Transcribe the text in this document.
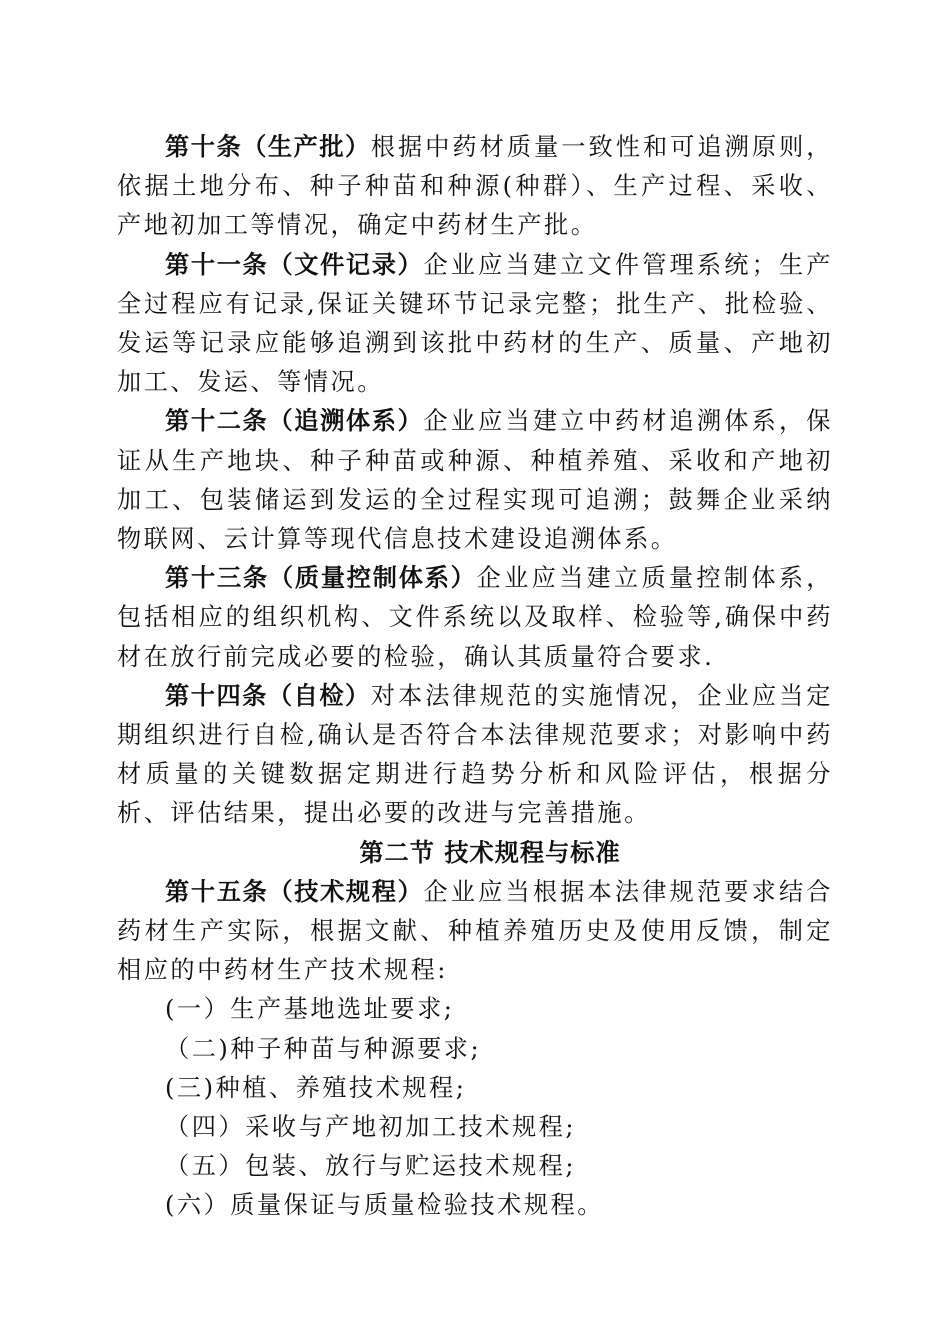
第十条（生产批）根据中药材质量一致性和可追溯原则，依据土地分布、种子种苗和种源(种群）、生产过程、采收、产地初加工等情况，确定中药材生产批。

第十一条（文件记录）企业应当建立文件管理系统；生产全过程应有记录,保证关键环节记录完整；批生产、批检验、发运等记录应能够追溯到该批中药材的生产、质量、产地初加工、发运、等情况。

第十二条（追溯体系）企业应当建立中药材追溯体系，保证从生产地块、种子种苗或种源、种植养殖、采收和产地初加工、包装储运到发运的全过程实现可追溯；鼓舞企业采纳物联网、云计算等现代信息技术建设追溯体系。

第十三条（质量控制体系）企业应当建立质量控制体系，包括相应的组织机构、文件系统以及取样、检验等,确保中药材在放行前完成必要的检验，确认其质量符合要求.

第十四条（自检）对本法律规范的实施情况，企业应当定期组织进行自检,确认是否符合本法律规范要求；对影响中药材质量的关键数据定期进行趋势分析和风险评估，根据分析、评估结果，提出必要的改进与完善措施。

第二节 技术规程与标准

第十五条（技术规程）企业应当根据本法律规范要求结合药材生产实际，根据文献、种植养殖历史及使用反馈，制定相应的中药材生产技术规程:

(一）生产基地选址要求;

（二)种子种苗与种源要求;

(三)种植、养殖技术规程;

（四）采收与产地初加工技术规程;

（五）包装、放行与贮运技术规程;

(六）质量保证与质量检验技术规程。
